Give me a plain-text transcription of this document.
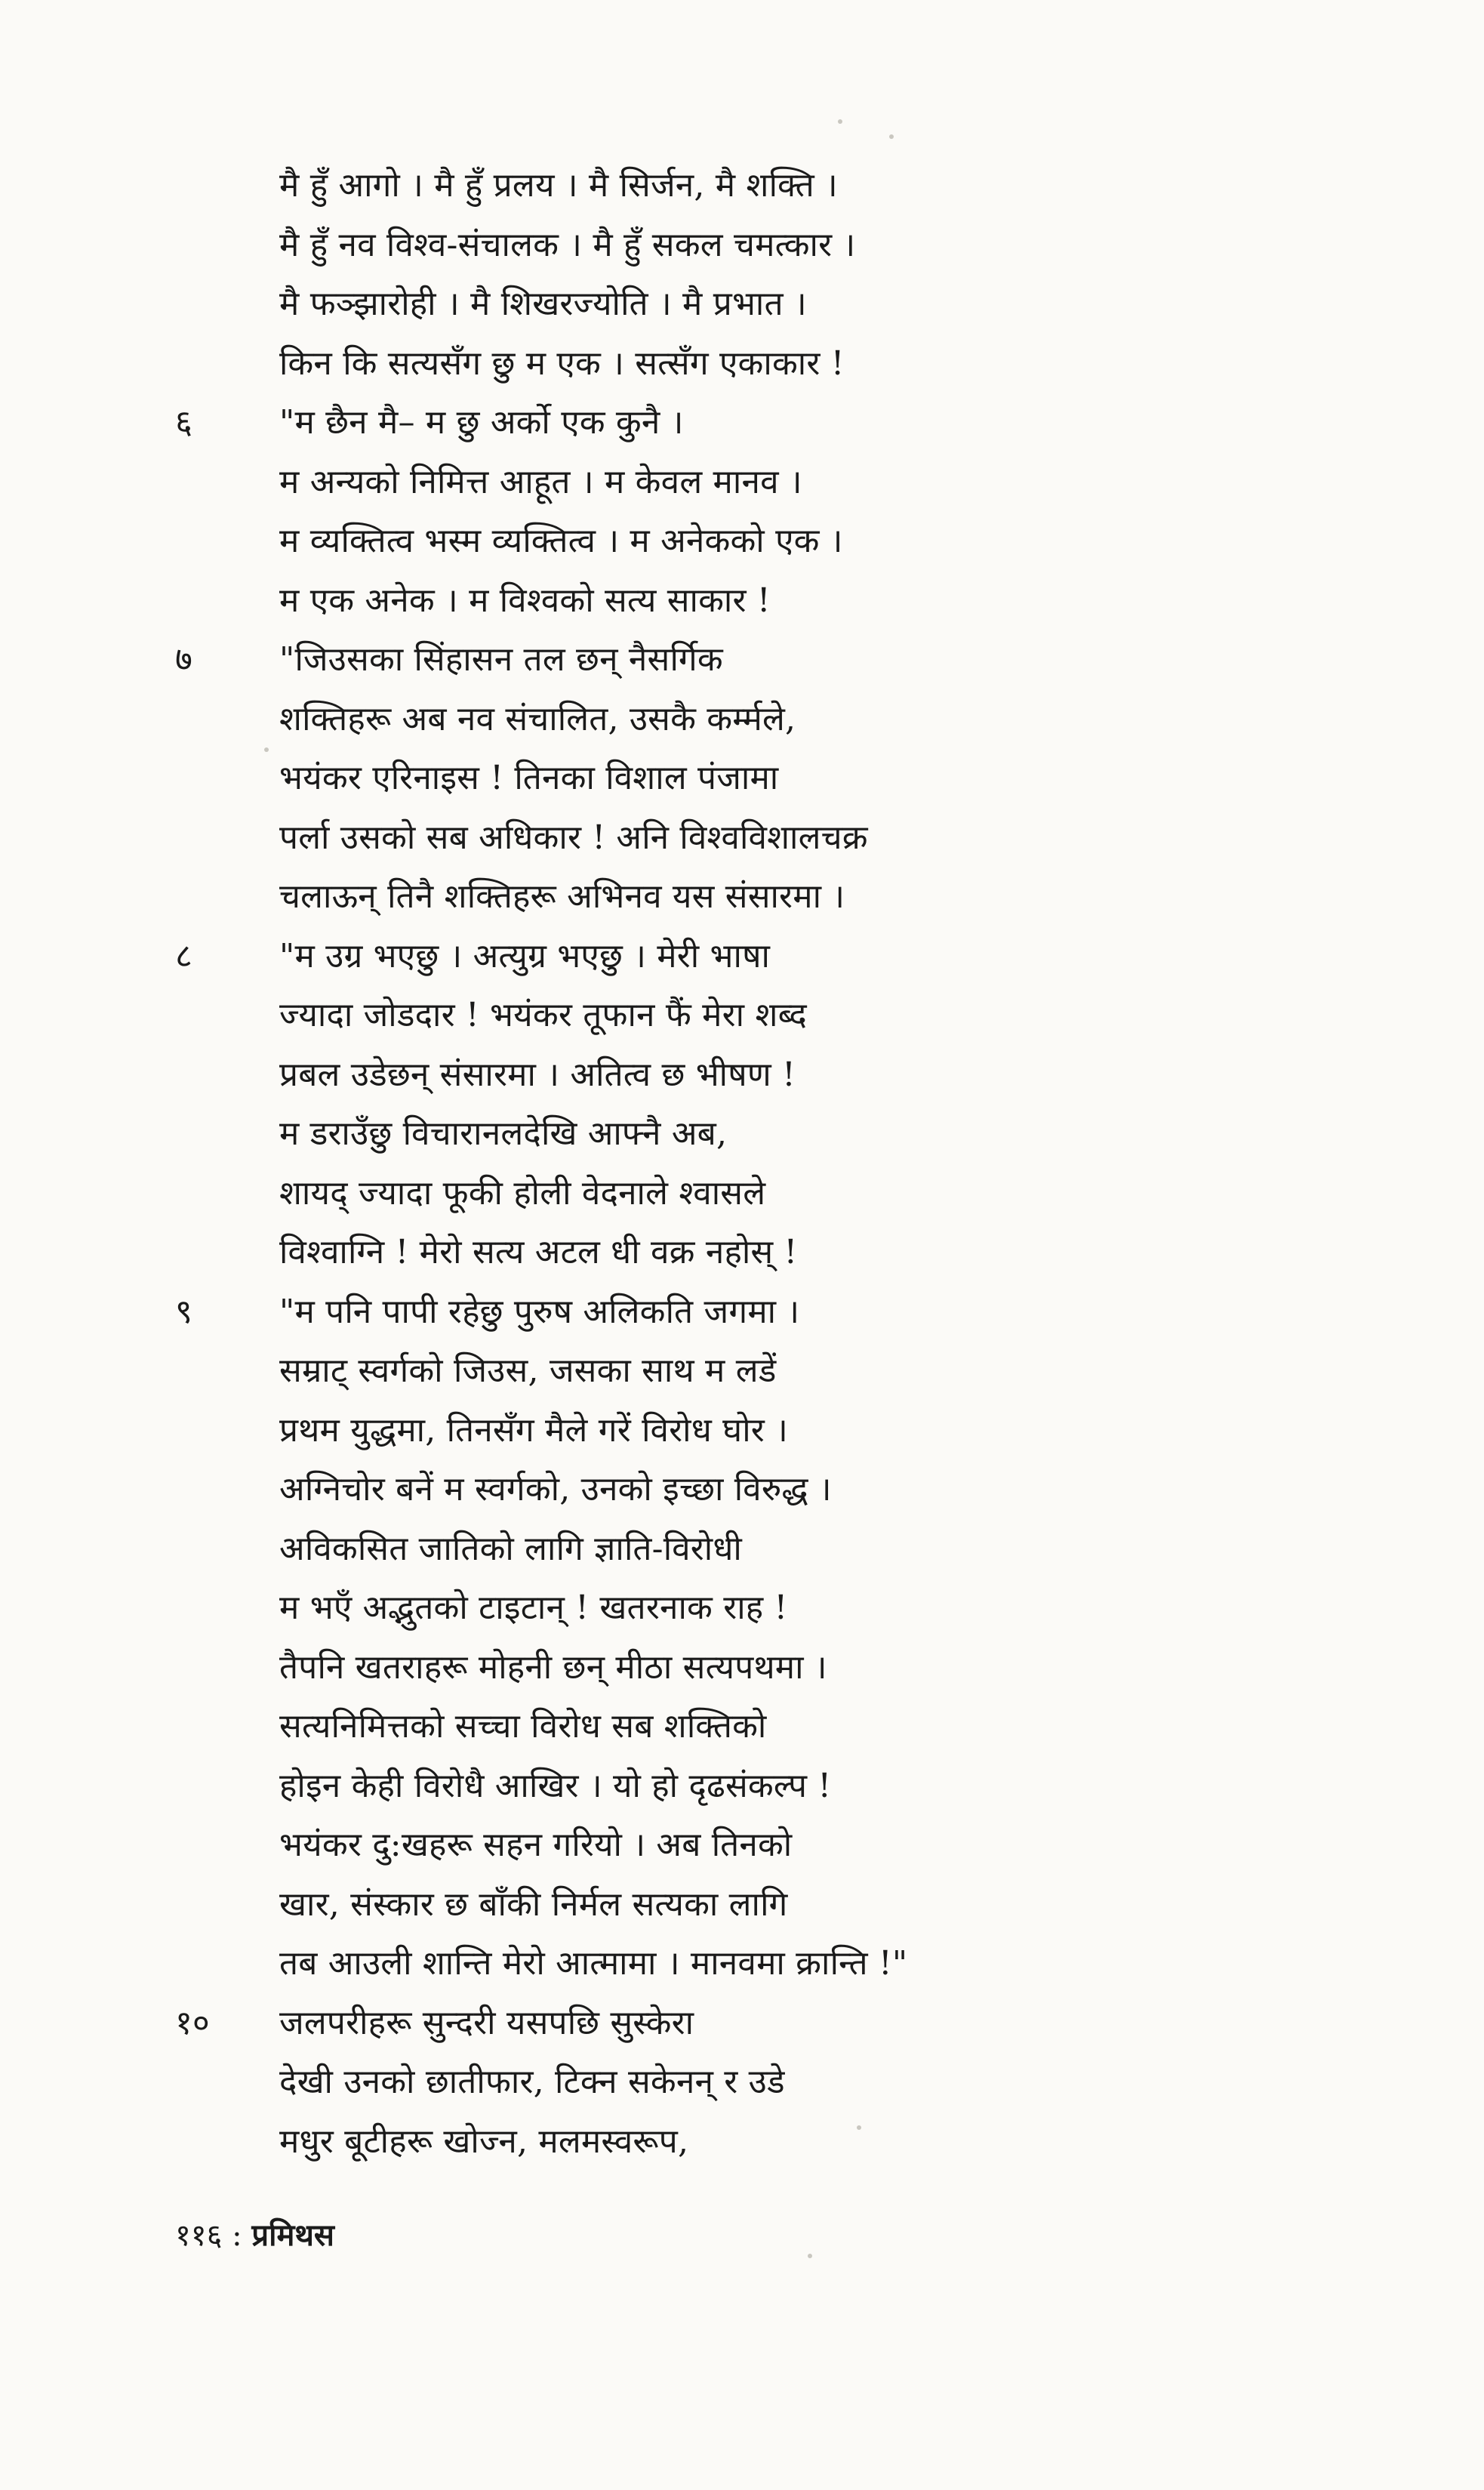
मै हुँ आगो । मै हुँ प्रलय । मै सिर्जन, मै शक्ति ।
मै हुँ नव विश्व-संचालक । मै हुँ सकल चमत्कार ।
मै फञ्झारोही । मै शिखरज्योति । मै प्रभात ।
किन कि सत्यसँग छु म एक । सत्सँग एकाकार !
६	"म छैन मै– म छु अर्को एक कुनै ।
म अन्यको निमित्त आहूत । म केवल मानव ।
म व्यक्तित्व भस्म व्यक्तित्व । म अनेकको एक ।
म एक अनेक । म विश्वको सत्य साकार !
७	"जिउसका सिंहासन तल छन् नैसर्गिक
शक्तिहरू अब नव संचालित, उसकै कर्म्मले,
भयंकर एरिनाइस ! तिनका विशाल पंजामा
पर्ला उसको सब अधिकार ! अनि विश्वविशालचक्र
चलाऊन् तिनै शक्तिहरू अभिनव यस संसारमा ।
८	"म उग्र भएछु । अत्युग्र भएछु । मेरी भाषा
ज्यादा जोडदार ! भयंकर तूफान फैं मेरा शब्द
प्रबल उडेछन् संसारमा । अतित्व छ भीषण !
म डराउँछु विचारानलदेखि आफ्नै अब,
शायद् ज्यादा फूकी होली वेदनाले श्वासले
विश्वाग्नि ! मेरो सत्य अटल धी वक्र नहोस् !
९	"म पनि पापी रहेछु पुरुष अलिकति जगमा ।
सम्राट् स्वर्गको जिउस, जसका साथ म लडें
प्रथम युद्धमा, तिनसँग मैले गरें विरोध घोर ।
अग्निचोर बनें म स्वर्गको, उनको इच्छा विरुद्ध ।
अविकसित जातिको लागि ज्ञाति-विरोधी
म भएँ अद्भुतको टाइटान् ! खतरनाक राह !
तैपनि खतराहरू मोहनी छन् मीठा सत्यपथमा ।
सत्यनिमित्तको सच्चा विरोध सब शक्तिको
होइन केही विरोधै आखिर । यो हो दृढसंकल्प !
भयंकर दु:खहरू सहन गरियो । अब तिनको
खार, संस्कार छ बाँकी निर्मल सत्यका लागि
तब आउली शान्ति मेरो आत्मामा । मानवमा क्रान्ति !"
१० जलपरीहरू सुन्दरी यसपछि सुस्केरा
देखी उनको छातीफार, टिक्न सकेनन् र उडे
मधुर बूटीहरू खोज्न, मलमस्वरूप,
११६ : प्रमिथस
